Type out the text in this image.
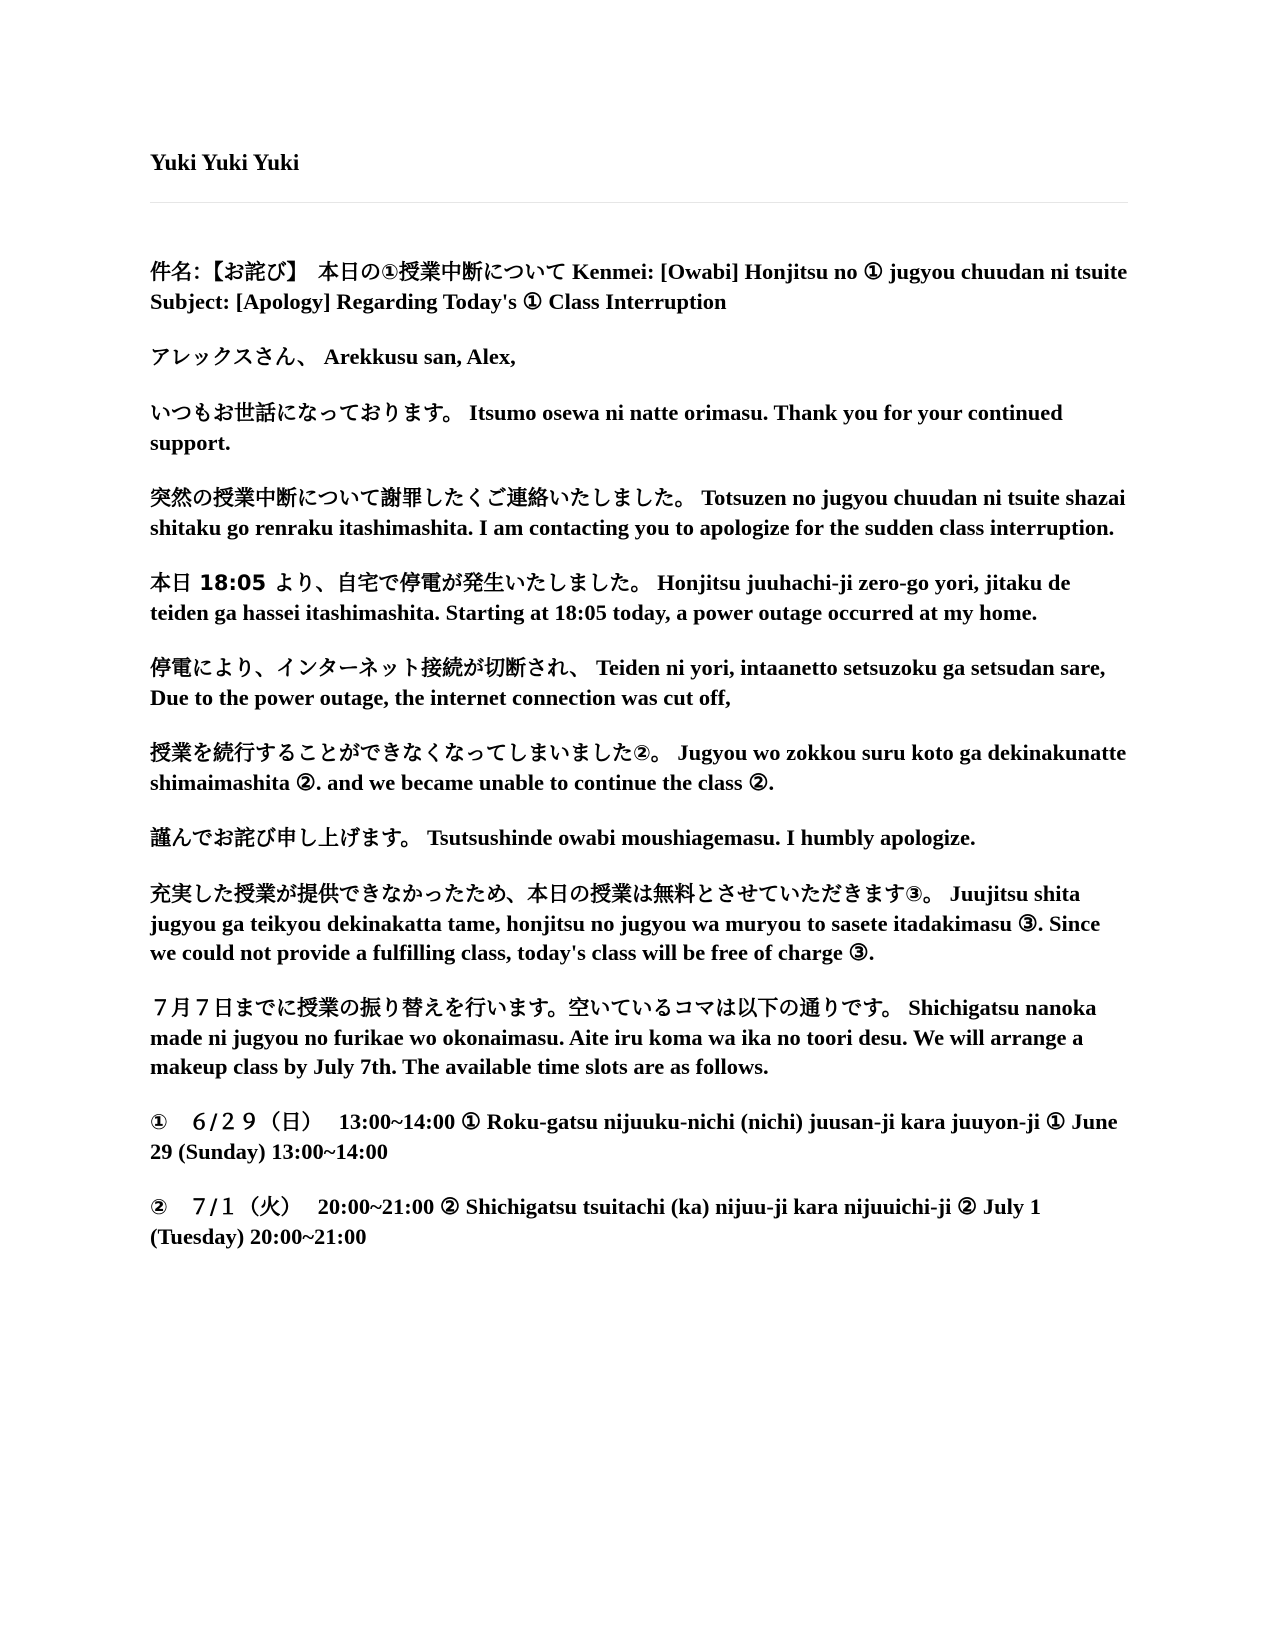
Yuki Yuki Yuki

件名：【お詫び】　本日の①授業中断について Kenmei: [Owabi] Honjitsu no ① jugyou chuudan ni tsuite Subject: [Apology] Regarding Today's ① Class Interruption

アレックスさん、 Arekkusu san, Alex,

いつもお世話になっております。 Itsumo osewa ni natte orimasu. Thank you for your continued support.

突然の授業中断について謝罪したくご連絡いたしました。 Totsuzen no jugyou chuudan ni tsuite shazai shitaku go renraku itashimashita. I am contacting you to apologize for the sudden class interruption.

本日 18:05 より、自宅で停電が発生いたしました。 Honjitsu juuhachi-ji zero-go yori, jitaku de teiden ga hassei itashimashita. Starting at 18:05 today, a power outage occurred at my home.

停電により、インターネット接続が切断され、 Teiden ni yori, intaanetto setsuzoku ga setsudan sare, Due to the power outage, the internet connection was cut off,

授業を続行することができなくなってしまいました②。 Jugyou wo zokkou suru koto ga dekinakunatte shimaimashita ②. and we became unable to continue the class ②.

謹んでお詫び申し上げます。 Tsutsushinde owabi moushiagemasu. I humbly apologize.

充実した授業が提供できなかったため、本日の授業は無料とさせていただきます③。 Juujitsu shita jugyou ga teikyou dekinakatta tame, honjitsu no jugyou wa muryou to sasete itadakimasu ③. Since we could not provide a fulfilling class, today's class will be free of charge ③.

７月７日までに授業の振り替えを行います。空いているコマは以下の通りです。 Shichigatsu nanoka made ni jugyou no furikae wo okonaimasu. Aite iru koma wa ika no toori desu. We will arrange a makeup class by July 7th. The available time slots are as follows.

①　６/２９（日）　 13:00~14:00 ① Roku-gatsu nijuuku-nichi (nichi) juusan-ji kara juuyon-ji ① June 29 (Sunday) 13:00~14:00

②　７/１（火）　 20:00~21:00 ② Shichigatsu tsuitachi (ka) nijuu-ji kara nijuuichi-ji ② July 1 (Tuesday) 20:00~21:00
